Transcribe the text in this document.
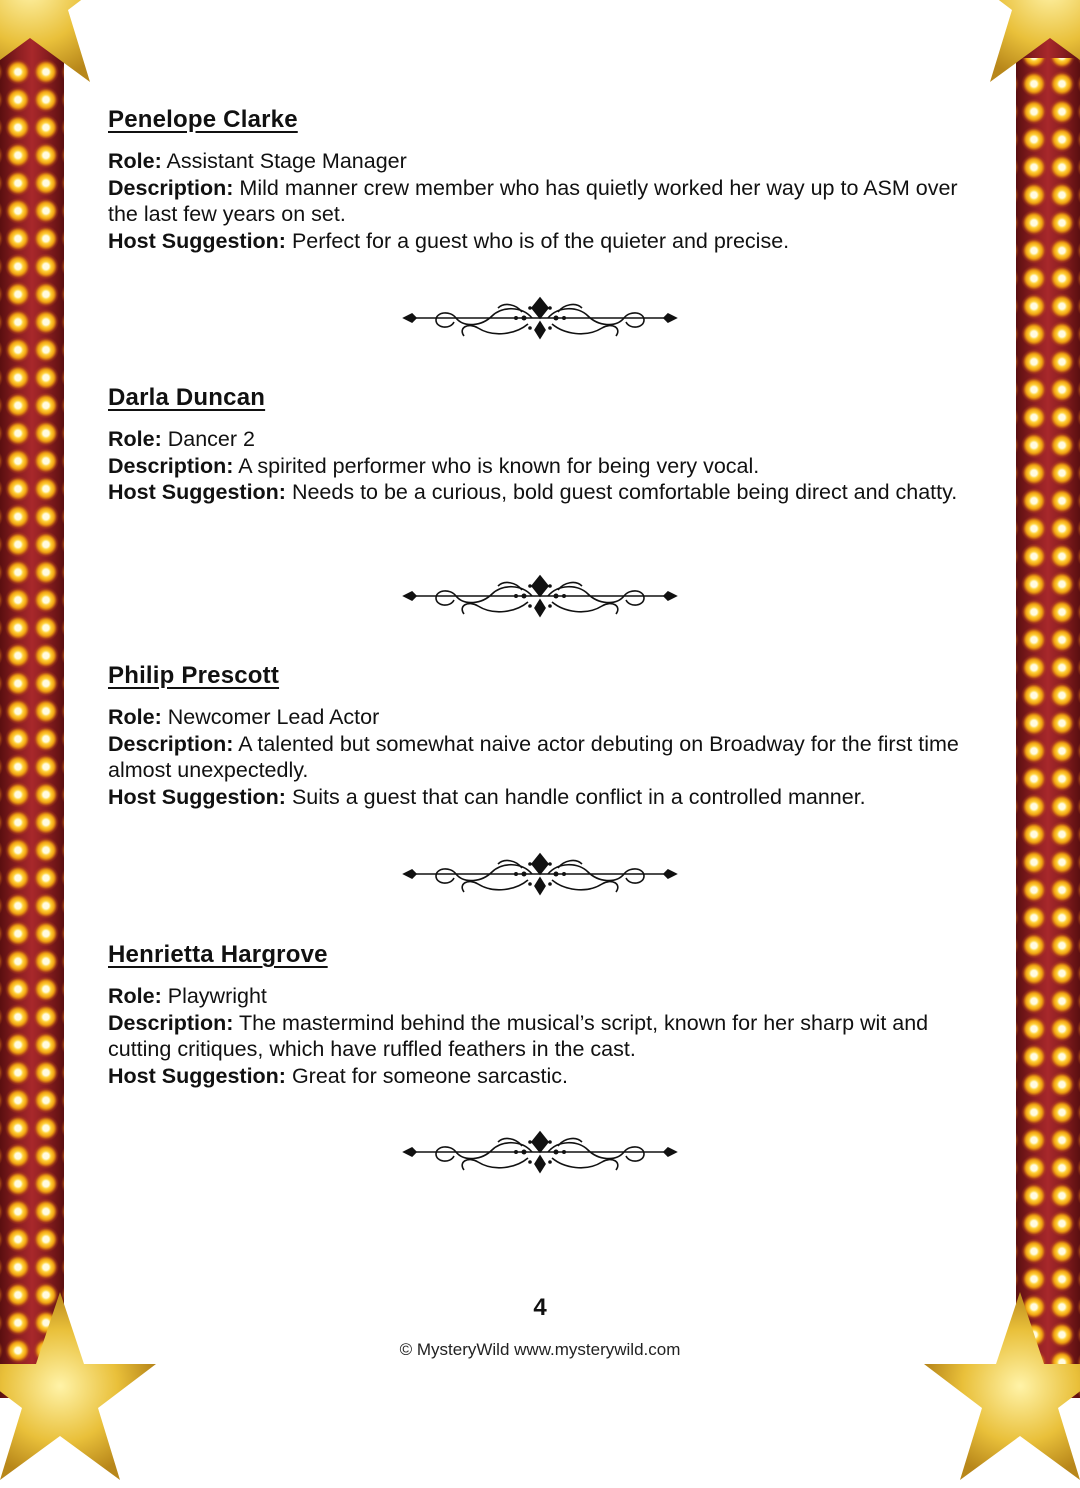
Penelope Clarke

Role: Assistant Stage Manager

Description: Mild manner crew member who has quietly worked her way up to ASM over the last few years on set.

Host Suggestion: Perfect for a guest who is of the quieter and precise.

Darla Duncan

Role: Dancer 2

Description: A spirited performer who is known for being very vocal.

Host Suggestion: Needs to be a curious, bold guest comfortable being direct and chatty.

Philip Prescott

Role: Newcomer Lead Actor

Description: A talented but somewhat naive actor debuting on Broadway for the first time almost unexpectedly.

Host Suggestion: Suits a guest that can handle conflict in a controlled manner.

Henrietta Hargrove

Role: Playwright

Description: The mastermind behind the musical’s script, known for her sharp wit and cutting critiques, which have ruffled feathers in the cast.

Host Suggestion: Great for someone sarcastic.

4
© MysteryWild www.mysterywild.com
